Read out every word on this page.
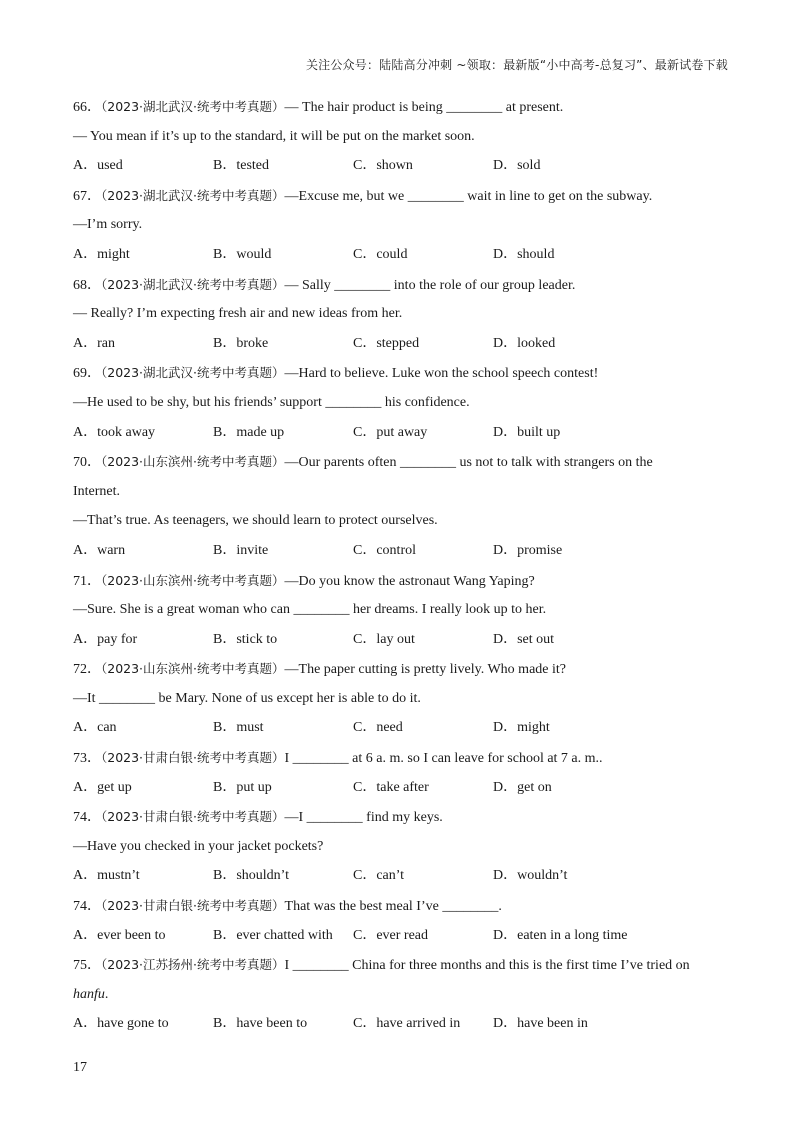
关注公众号：陆陆高分冲刺 ~领取：最新版“小中高考-总复习”、最新试卷下载
66．（2023·湖北武汉·统考中考真题）— The hair product is being ________ at present.
— You mean if it’s up to the standard, it will be put on the market soon.
A．used	B．tested	C．shown	D．sold
67．（2023·湖北武汉·统考中考真题）—Excuse me, but we ________ wait in line to get on the subway.
—I’m sorry.
A．might	B．would	C．could	D．should
68．（2023·湖北武汉·统考中考真题）— Sally ________ into the role of our group leader.
— Really? I’m expecting fresh air and new ideas from her.
A．ran	B．broke	C．stepped	D．looked
69．（2023·湖北武汉·统考中考真题）—Hard to believe. Luke won the school speech contest!
—He used to be shy, but his friends’ support ________ his confidence.
A．took away	B．made up	C．put away	D．built up
70．（2023·山东滨州·统考中考真题）—Our parents often ________ us not to talk with strangers on the
Internet.
—That’s true. As teenagers, we should learn to protect ourselves.
A．warn	B．invite	C．control	D．promise
71．（2023·山东滨州·统考中考真题）—Do you know the astronaut Wang Yaping?
—Sure. She is a great woman who can ________ her dreams. I really look up to her.
A．pay for	B．stick to	C．lay out	D．set out
72．（2023·山东滨州·统考中考真题）—The paper cutting is pretty lively. Who made it?
—It ________ be Mary. None of us except her is able to do it.
A．can	B．must	C．need	D．might
73．（2023·甘肃白银·统考中考真题）I ________ at 6 a. m. so I can leave for school at 7 a. m..
A．get up	B．put up	C．take after	D．get on
74．（2023·甘肃白银·统考中考真题）—I ________ find my keys.
—Have you checked in your jacket pockets?
A．mustn’t	B．shouldn’t	C．can’t	D．wouldn’t
74．（2023·甘肃白银·统考中考真题）That was the best meal I’ve ________.
A．ever been to	B．ever chatted with	C．ever read	D．eaten in a long time
75．（2023·江苏扬州·统考中考真题）I ________ China for three months and this is the first time I’ve tried on
hanfu.
A．have gone to	B．have been to	C．have arrived in	D．have been in
17
